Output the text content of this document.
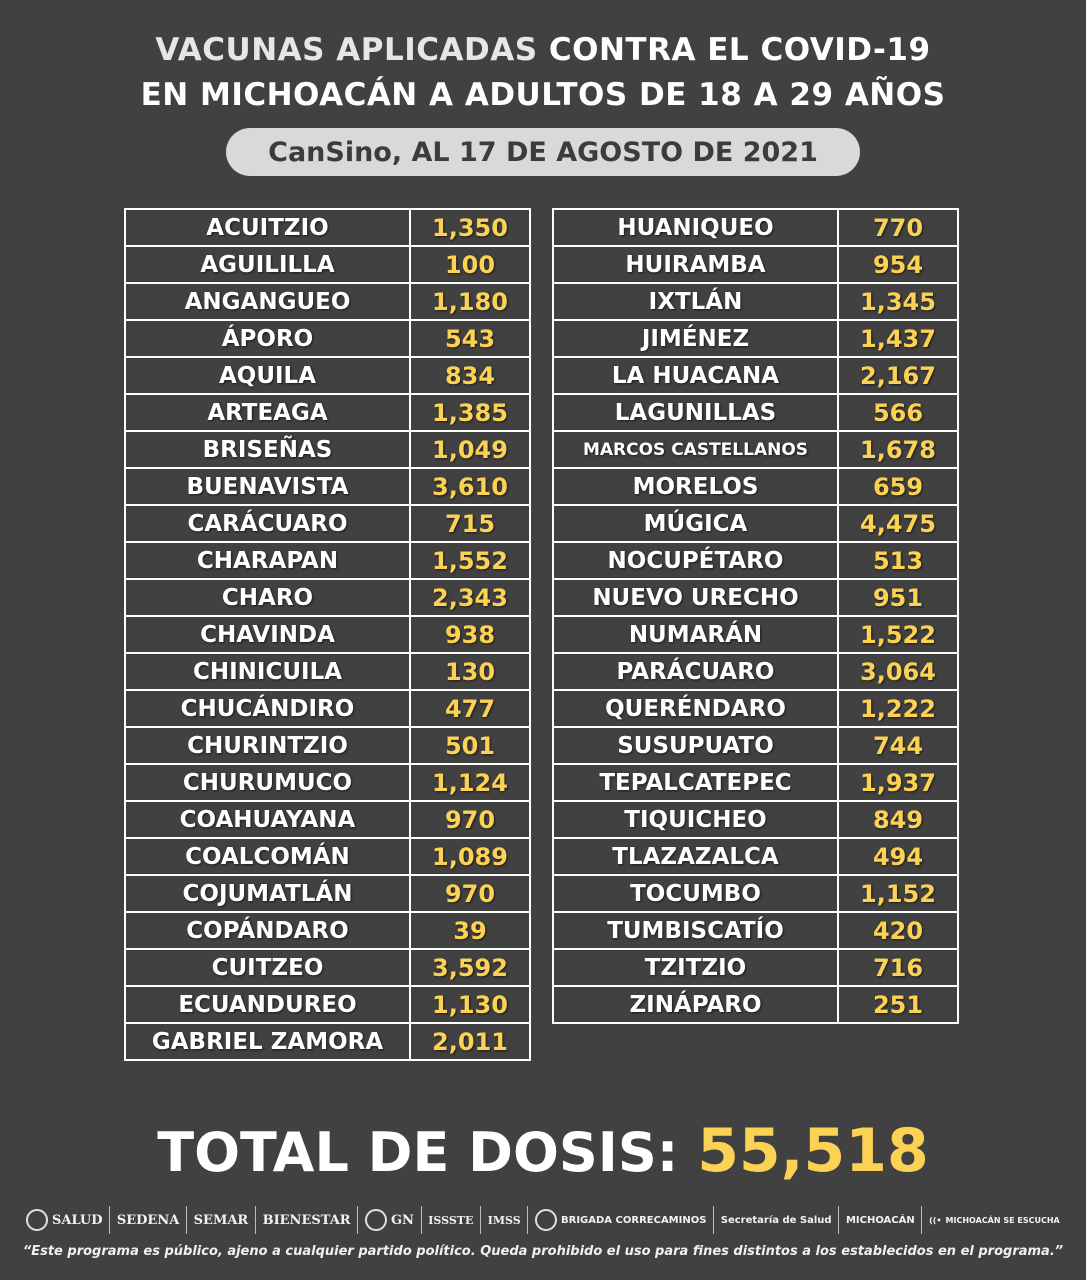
VACUNAS APLICADAS CONTRA EL COVID-19
EN MICHOACÁN A ADULTOS DE 18 A 29 AÑOS
CanSino, AL 17 DE AGOSTO DE 2021
ACUITZIO	1,350
AGUILILLA	100
ANGANGUEO	1,180
ÁPORO	543
AQUILA	834
ARTEAGA	1,385
BRISEÑAS	1,049
BUENAVISTA	3,610
CARÁCUARO	715
CHARAPAN	1,552
CHARO	2,343
CHAVINDA	938
CHINICUILA	130
CHUCÁNDIRO	477
CHURINTZIO	501
CHURUMUCO	1,124
COAHUAYANA	970
COALCOMÁN	1,089
COJUMATLÁN	970
COPÁNDARO	39
CUITZEO	3,592
ECUANDUREO	1,130
GABRIEL ZAMORA	2,011
HUANIQUEO	770
HUIRAMBA	954
IXTLÁN	1,345
JIMÉNEZ	1,437
LA HUACANA	2,167
LAGUNILLAS	566
MARCOS CASTELLANOS	1,678
MORELOS	659
MÚGICA	4,475
NOCUPÉTARO	513
NUEVO URECHO	951
NUMARÁN	1,522
PARÁCUARO	3,064
QUERÉNDARO	1,222
SUSUPUATO	744
TEPALCATEPEC	1,937
TIQUICHEO	849
TLAZAZALCA	494
TOCUMBO	1,152
TUMBISCATÍO	420
TZITZIO	716
ZINÁPARO	251
TOTAL DE DOSIS: 55,518
SALUD	SEDENA	SEMAR	BIENESTAR	GN	ISSSTE	IMSS	BRIGADA CORRECAMINOS	Secretaría de Salud	MICHOACÁN	((• MICHOACÁN SE ESCUCHA
“Este programa es público, ajeno a cualquier partido político. Queda prohibido el uso para fines distintos a los establecidos en el programa.”
